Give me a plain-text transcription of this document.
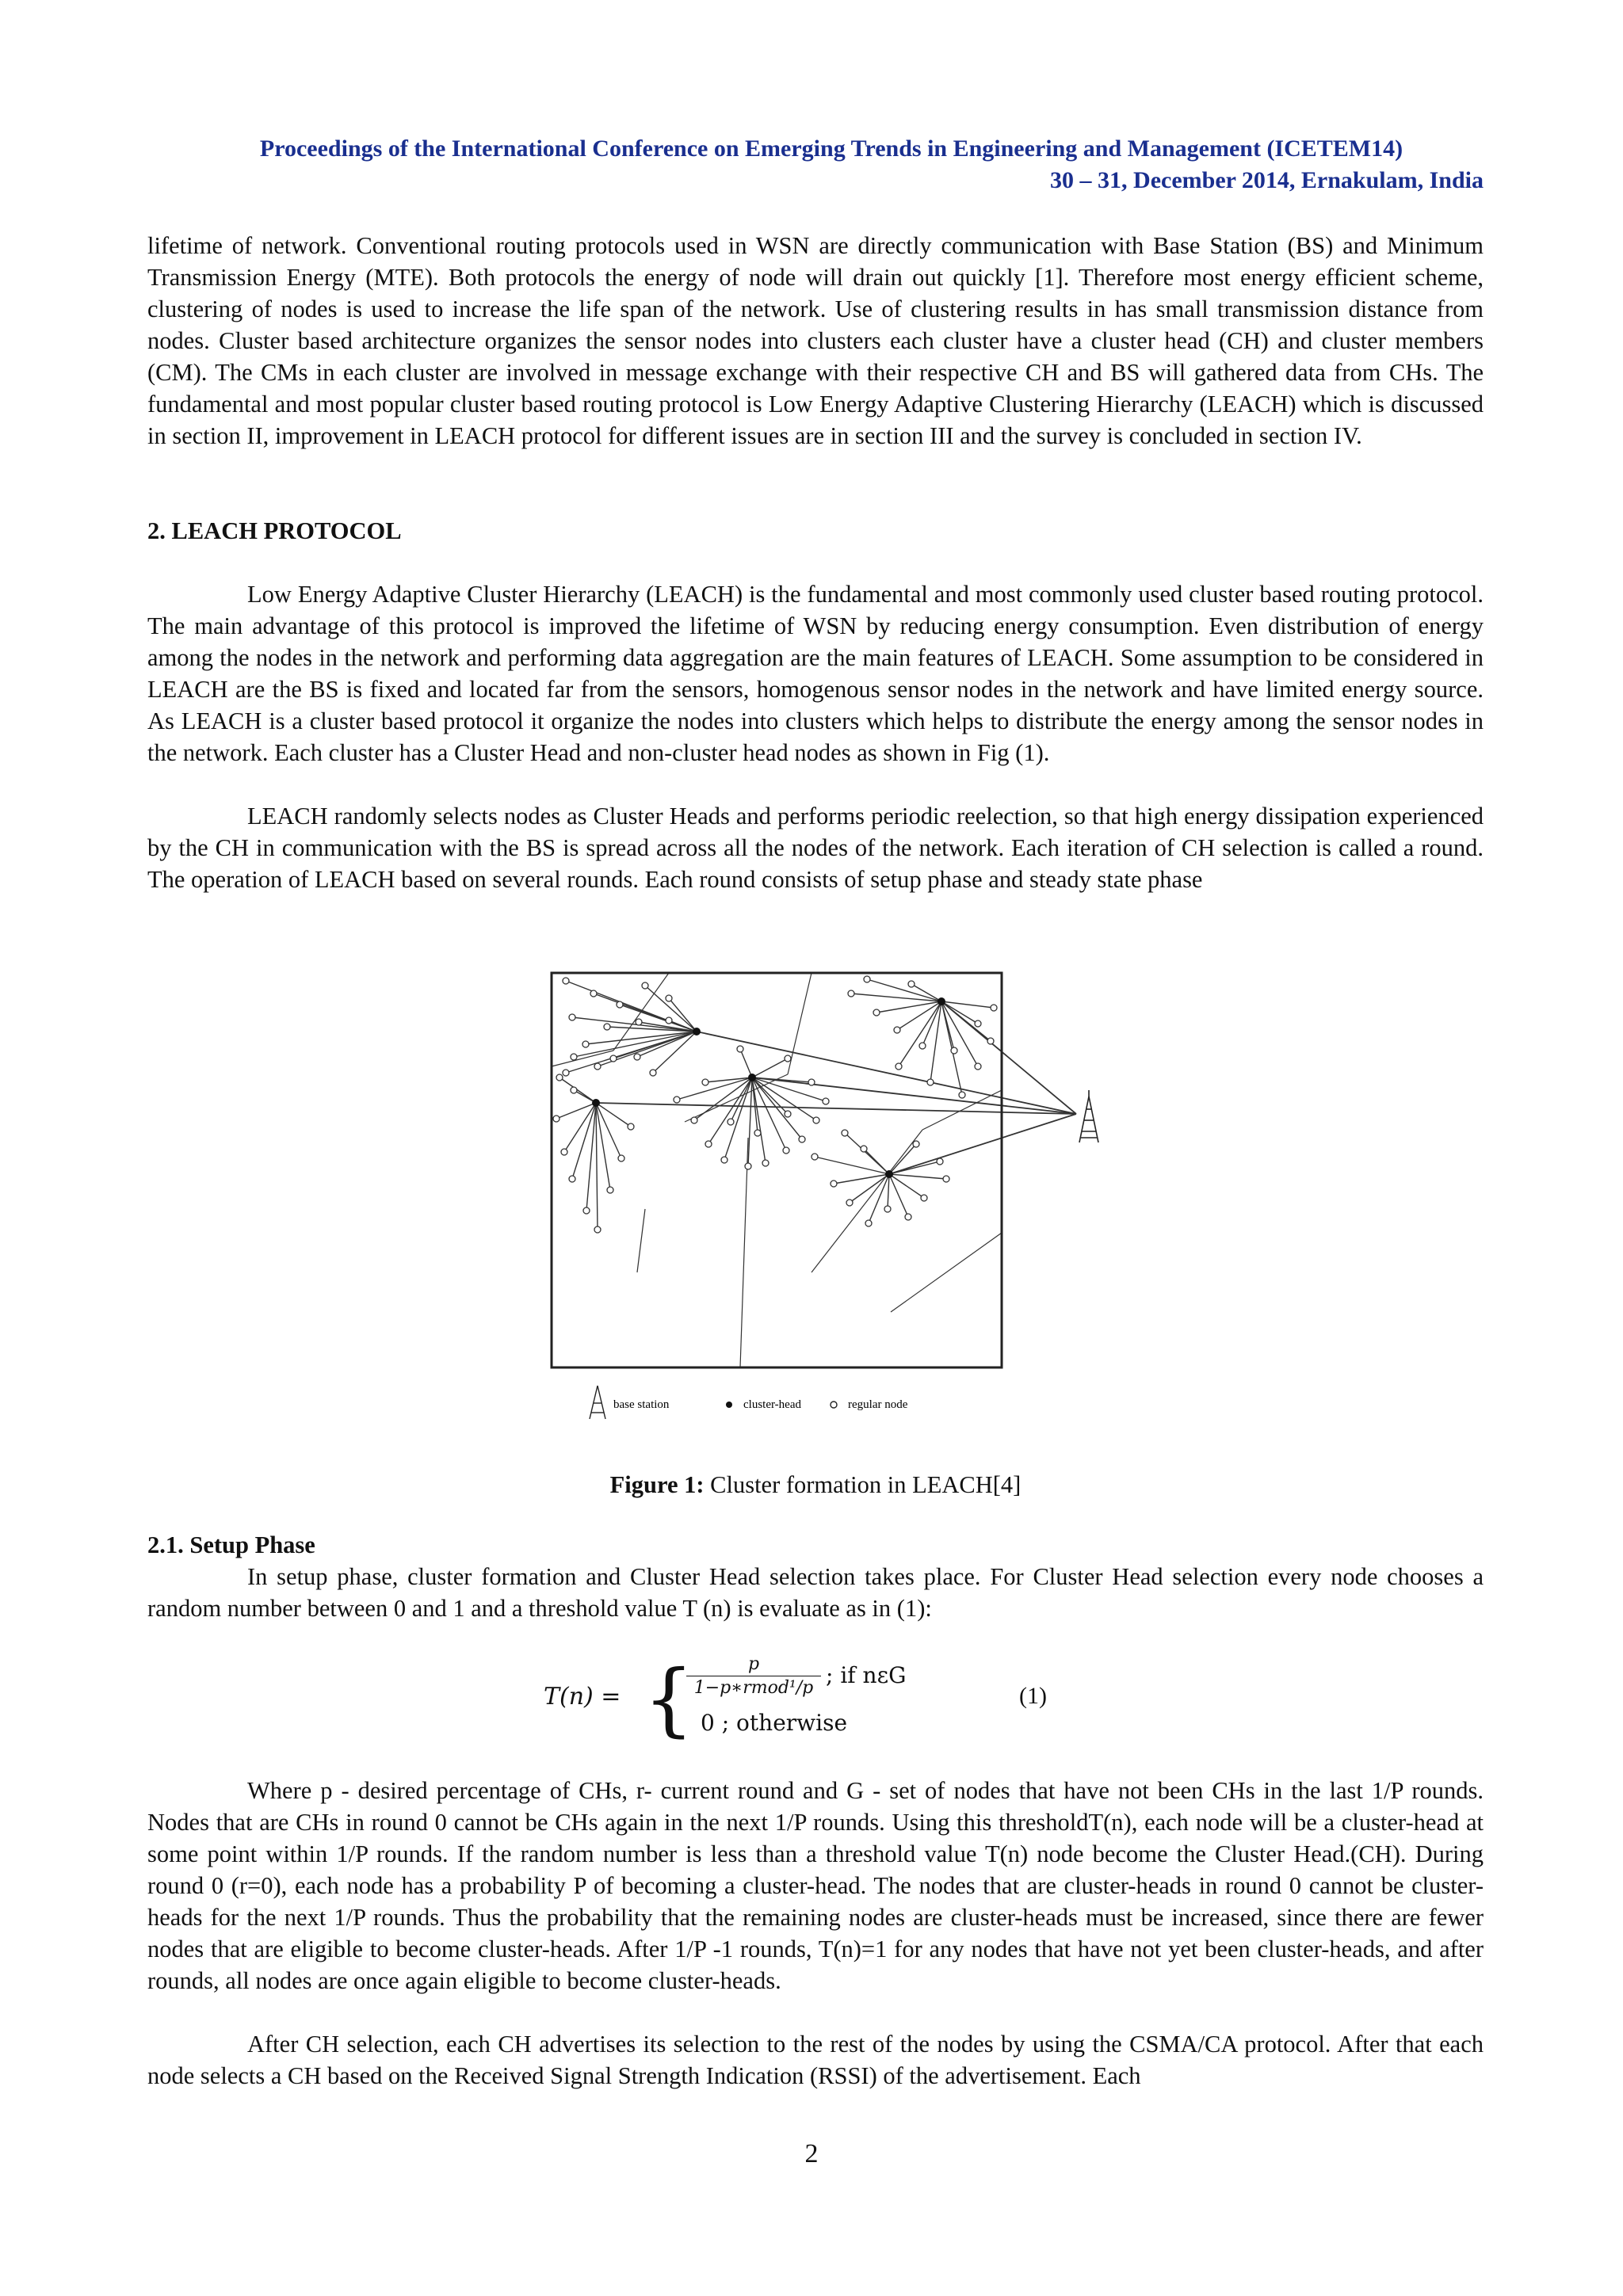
Proceedings of the International Conference on Emerging Trends in Engineering and Management (ICETEM14)
30 – 31, December 2014, Ernakulam, India

lifetime of network. Conventional routing protocols used in WSN are directly communication with Base Station (BS) and Minimum Transmission Energy (MTE). Both protocols the energy of node will drain out quickly [1]. Therefore most energy efficient scheme, clustering of nodes is used to increase the life span of the network. Use of clustering results in has small transmission distance from nodes. Cluster based architecture organizes the sensor nodes into clusters each cluster have a cluster head (CH) and cluster members (CM). The CMs in each cluster are involved in message exchange with their respective CH and BS will gathered data from CHs. The fundamental and most popular cluster based routing protocol is Low Energy Adaptive Clustering Hierarchy (LEACH) which is discussed in section II, improvement in LEACH protocol for different issues are in section III and the survey is concluded in section IV.

2. LEACH PROTOCOL

Low Energy Adaptive Cluster Hierarchy (LEACH) is the fundamental and most commonly used cluster based routing protocol. The main advantage of this protocol is improved the lifetime of WSN by reducing energy consumption. Even distribution of energy among the nodes in the network and performing data aggregation are the main features of LEACH. Some assumption to be considered in LEACH are the BS is fixed and located far from the sensors, homogenous sensor nodes in the network and have limited energy source. As LEACH is a cluster based protocol it organize the nodes into clusters which helps to distribute the energy among the sensor nodes in the network. Each cluster has a Cluster Head and non-cluster head nodes as shown in Fig (1).

LEACH randomly selects nodes as Cluster Heads and performs periodic reelection, so that high energy dissipation experienced by the CH in communication with the BS is spread across all the nodes of the network. Each iteration of CH selection is called a round. The operation of LEACH based on several rounds. Each round consists of setup phase and steady state phase

base station	cluster-head	regular node
Figure 1: Cluster formation in LEACH[4]

2.1. Setup Phase

In setup phase, cluster formation and Cluster Head selection takes place. For Cluster Head selection every node chooses a random number between 0 and 1 and a threshold value T (n) is evaluate as in (1):

T(n) = {	p
1−p∗rmod¹/p ; if nεG
0 ; otherwise
(1)

Where p - desired percentage of CHs, r- current round and G - set of nodes that have not been CHs in the last 1/P rounds. Nodes that are CHs in round 0 cannot be CHs again in the next 1/P rounds. Using this thresholdT(n), each node will be a cluster-head at some point within 1/P rounds. If the random number is less than a threshold value T(n) node become the Cluster Head.(CH). During round 0 (r=0), each node has a probability P of becoming a cluster-head. The nodes that are cluster-heads in round 0 cannot be cluster-heads for the next 1/P rounds. Thus the probability that the remaining nodes are cluster-heads must be increased, since there are fewer nodes that are eligible to become cluster-heads. After 1/P -1 rounds, T(n)=1 for any nodes that have not yet been cluster-heads, and after rounds, all nodes are once again eligible to become cluster-heads.

After CH selection, each CH advertises its selection to the rest of the nodes by using the CSMA/CA protocol. After that each node selects a CH based on the Received Signal Strength Indication (RSSI) of the advertisement. Each

2
